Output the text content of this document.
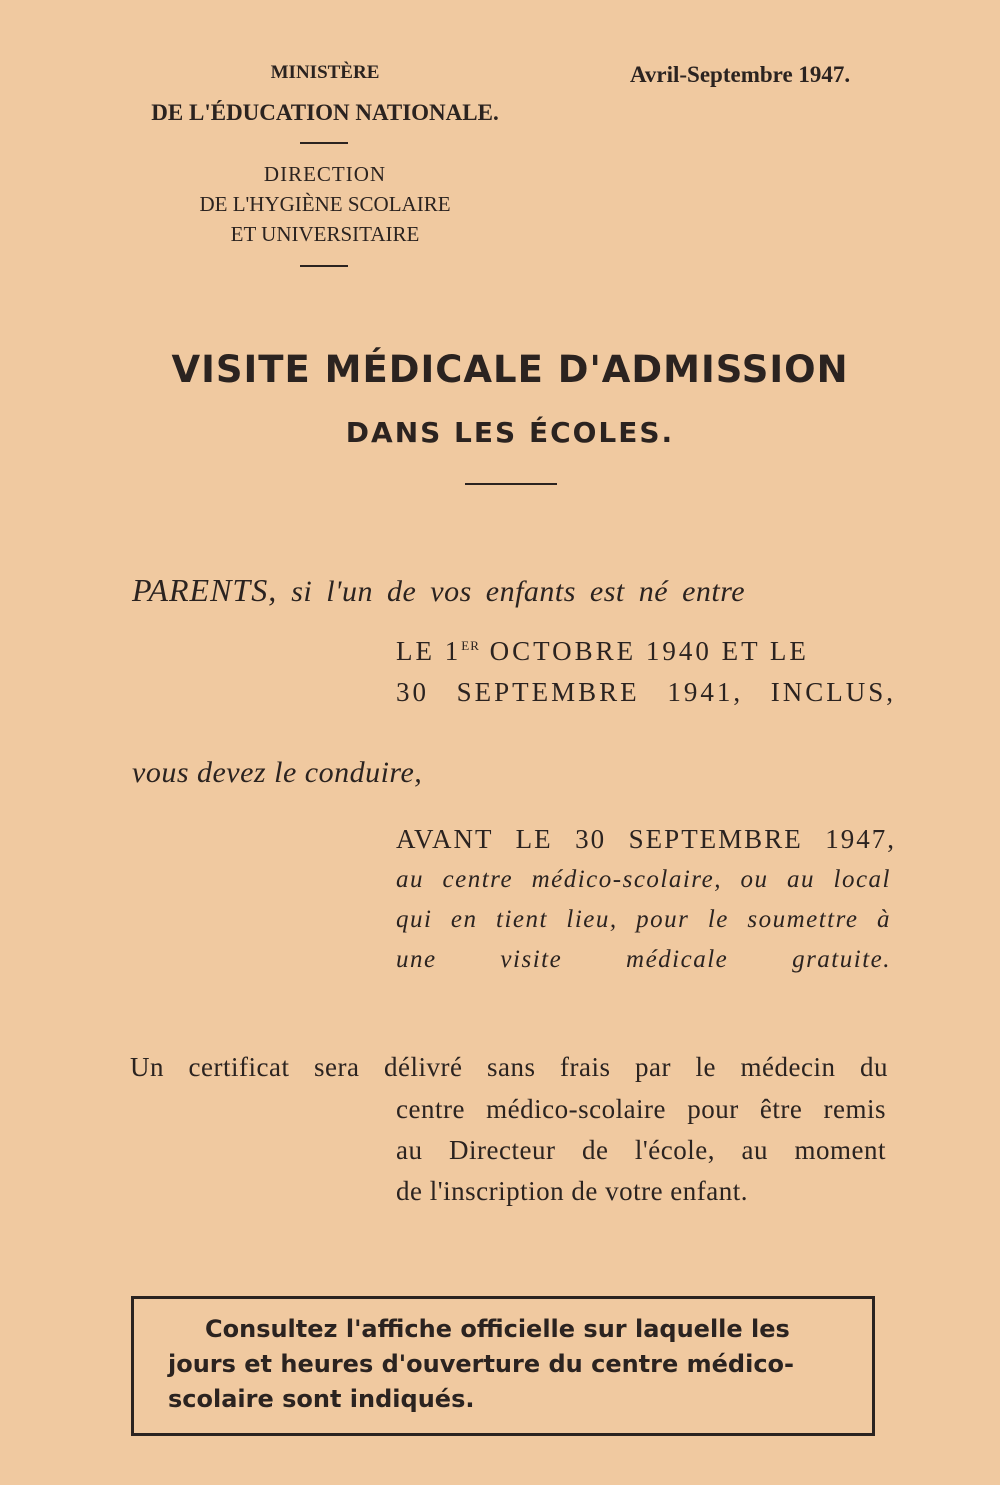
MINISTÈRE
DE L'ÉDUCATION NATIONALE.
DIRECTION
DE L'HYGIÈNE SCOLAIRE
ET UNIVERSITAIRE
Avril-Septembre 1947.
VISITE MÉDICALE D'ADMISSION
DANS LES ÉCOLES.
PARENTS, si l'un de vos enfants est né entre
LE 1ER OCTOBRE 1940 ET LE
30 SEPTEMBRE 1941, INCLUS,
vous devez le conduire,
AVANT LE 30 SEPTEMBRE 1947,
au centre médico-scolaire, ou au local
qui en tient lieu, pour le soumettre à
une visite médicale gratuite.
Un certificat sera délivré sans frais par le médecin du
centre médico-scolaire pour être remis
au Directeur de l'école, au moment
de l'inscription de votre enfant.
Consultez l'affiche officielle sur laquelle les
jours et heures d'ouverture du centre médico-
scolaire sont indiqués.
